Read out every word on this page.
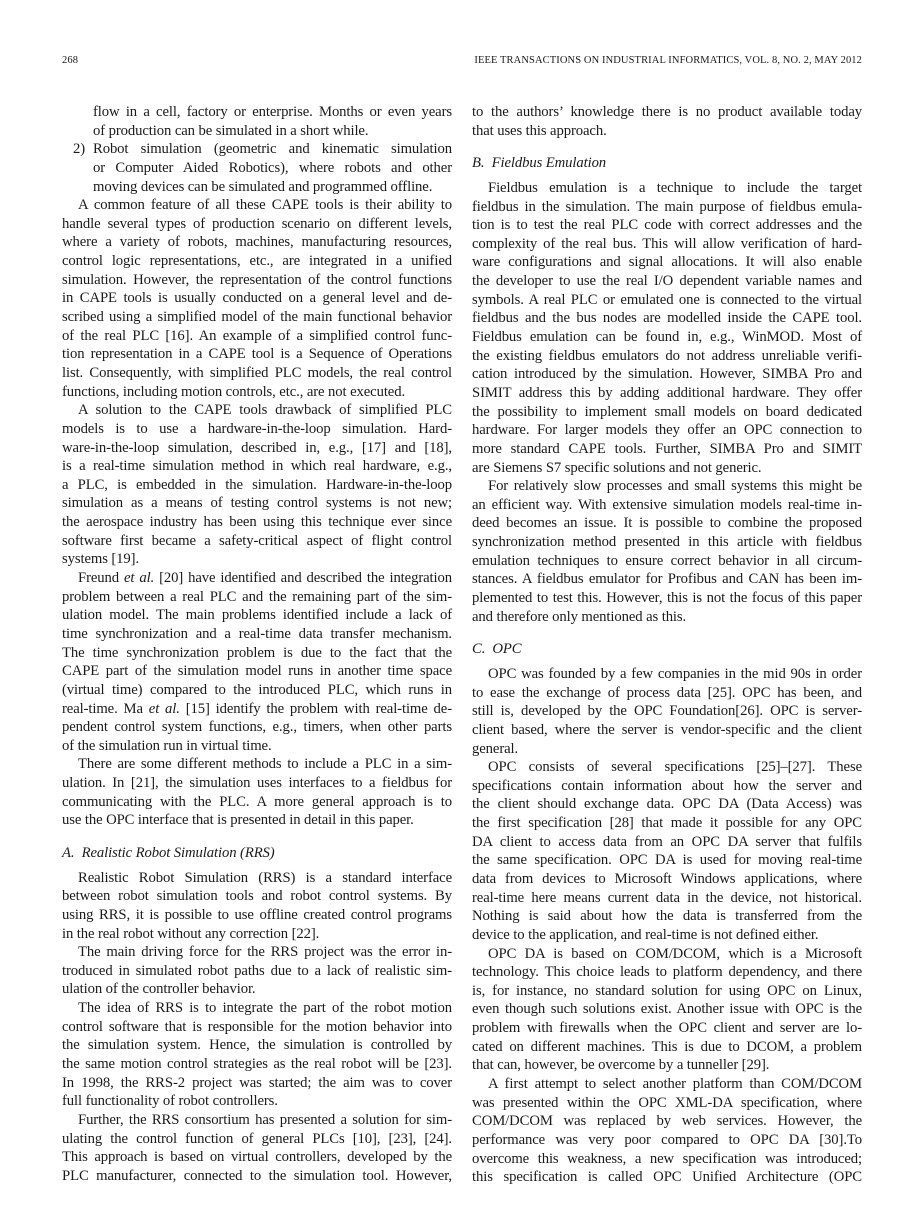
268	IEEE TRANSACTIONS ON INDUSTRIAL INFORMATICS, VOL. 8, NO. 2, MAY 2012
flow in a cell, factory or enterprise. Months or even years
of production can be simulated in a short while.
2) Robot simulation (geometric and kinematic simulation
or Computer Aided Robotics), where robots and other
moving devices can be simulated and programmed offline.
A common feature of all these CAPE tools is their ability to
handle several types of production scenario on different levels,
where a variety of robots, machines, manufacturing resources,
control logic representations, etc., are integrated in a unified
simulation. However, the representation of the control functions
in CAPE tools is usually conducted on a general level and de-
scribed using a simplified model of the main functional behavior
of the real PLC [16]. An example of a simplified control func-
tion representation in a CAPE tool is a Sequence of Operations
list. Consequently, with simplified PLC models, the real control
functions, including motion controls, etc., are not executed.
A solution to the CAPE tools drawback of simplified PLC
models is to use a hardware-in-the-loop simulation. Hard-
ware-in-the-loop simulation, described in, e.g., [17] and [18],
is a real-time simulation method in which real hardware, e.g.,
a PLC, is embedded in the simulation. Hardware-in-the-loop
simulation as a means of testing control systems is not new;
the aerospace industry has been using this technique ever since
software first became a safety-critical aspect of flight control
systems [19].
Freund et al. [20] have identified and described the integration
problem between a real PLC and the remaining part of the sim-
ulation model. The main problems identified include a lack of
time synchronization and a real-time data transfer mechanism.
The time synchronization problem is due to the fact that the
CAPE part of the simulation model runs in another time space
(virtual time) compared to the introduced PLC, which runs in
real-time. Ma et al. [15] identify the problem with real-time de-
pendent control system functions, e.g., timers, when other parts
of the simulation run in virtual time.
There are some different methods to include a PLC in a sim-
ulation. In [21], the simulation uses interfaces to a fieldbus for
communicating with the PLC. A more general approach is to
use the OPC interface that is presented in detail in this paper.
A.  Realistic Robot Simulation (RRS)
Realistic Robot Simulation (RRS) is a standard interface
between robot simulation tools and robot control systems. By
using RRS, it is possible to use offline created control programs
in the real robot without any correction [22].
The main driving force for the RRS project was the error in-
troduced in simulated robot paths due to a lack of realistic sim-
ulation of the controller behavior.
The idea of RRS is to integrate the part of the robot motion
control software that is responsible for the motion behavior into
the simulation system. Hence, the simulation is controlled by
the same motion control strategies as the real robot will be [23].
In 1998, the RRS-2 project was started; the aim was to cover
full functionality of robot controllers.
Further, the RRS consortium has presented a solution for sim-
ulating the control function of general PLCs [10], [23], [24].
This approach is based on virtual controllers, developed by the
PLC manufacturer, connected to the simulation tool. However,
to the authors’ knowledge there is no product available today
that uses this approach.
B.  Fieldbus Emulation
Fieldbus emulation is a technique to include the target
fieldbus in the simulation. The main purpose of fieldbus emula-
tion is to test the real PLC code with correct addresses and the
complexity of the real bus. This will allow verification of hard-
ware configurations and signal allocations. It will also enable
the developer to use the real I/O dependent variable names and
symbols. A real PLC or emulated one is connected to the virtual
fieldbus and the bus nodes are modelled inside the CAPE tool.
Fieldbus emulation can be found in, e.g., WinMOD. Most of
the existing fieldbus emulators do not address unreliable verifi-
cation introduced by the simulation. However, SIMBA Pro and
SIMIT address this by adding additional hardware. They offer
the possibility to implement small models on board dedicated
hardware. For larger models they offer an OPC connection to
more standard CAPE tools. Further, SIMBA Pro and SIMIT
are Siemens S7 specific solutions and not generic.
For relatively slow processes and small systems this might be
an efficient way. With extensive simulation models real-time in-
deed becomes an issue. It is possible to combine the proposed
synchronization method presented in this article with fieldbus
emulation techniques to ensure correct behavior in all circum-
stances. A fieldbus emulator for Profibus and CAN has been im-
plemented to test this. However, this is not the focus of this paper
and therefore only mentioned as this.
C.  OPC
OPC was founded by a few companies in the mid 90s in order
to ease the exchange of process data [25]. OPC has been, and
still is, developed by the OPC Foundation[26]. OPC is server-
client based, where the server is vendor-specific and the client
general.
OPC consists of several specifications [25]–[27]. These
specifications contain information about how the server and
the client should exchange data. OPC DA (Data Access) was
the first specification [28] that made it possible for any OPC
DA client to access data from an OPC DA server that fulfils
the same specification. OPC DA is used for moving real-time
data from devices to Microsoft Windows applications, where
real-time here means current data in the device, not historical.
Nothing is said about how the data is transferred from the
device to the application, and real-time is not defined either.
OPC DA is based on COM/DCOM, which is a Microsoft
technology. This choice leads to platform dependency, and there
is, for instance, no standard solution for using OPC on Linux,
even though such solutions exist. Another issue with OPC is the
problem with firewalls when the OPC client and server are lo-
cated on different machines. This is due to DCOM, a problem
that can, however, be overcome by a tunneller [29].
A first attempt to select another platform than COM/DCOM
was presented within the OPC XML-DA specification, where
COM/DCOM was replaced by web services. However, the
performance was very poor compared to OPC DA [30].To
overcome this weakness, a new specification was introduced;
this specification is called OPC Unified Architecture (OPC
